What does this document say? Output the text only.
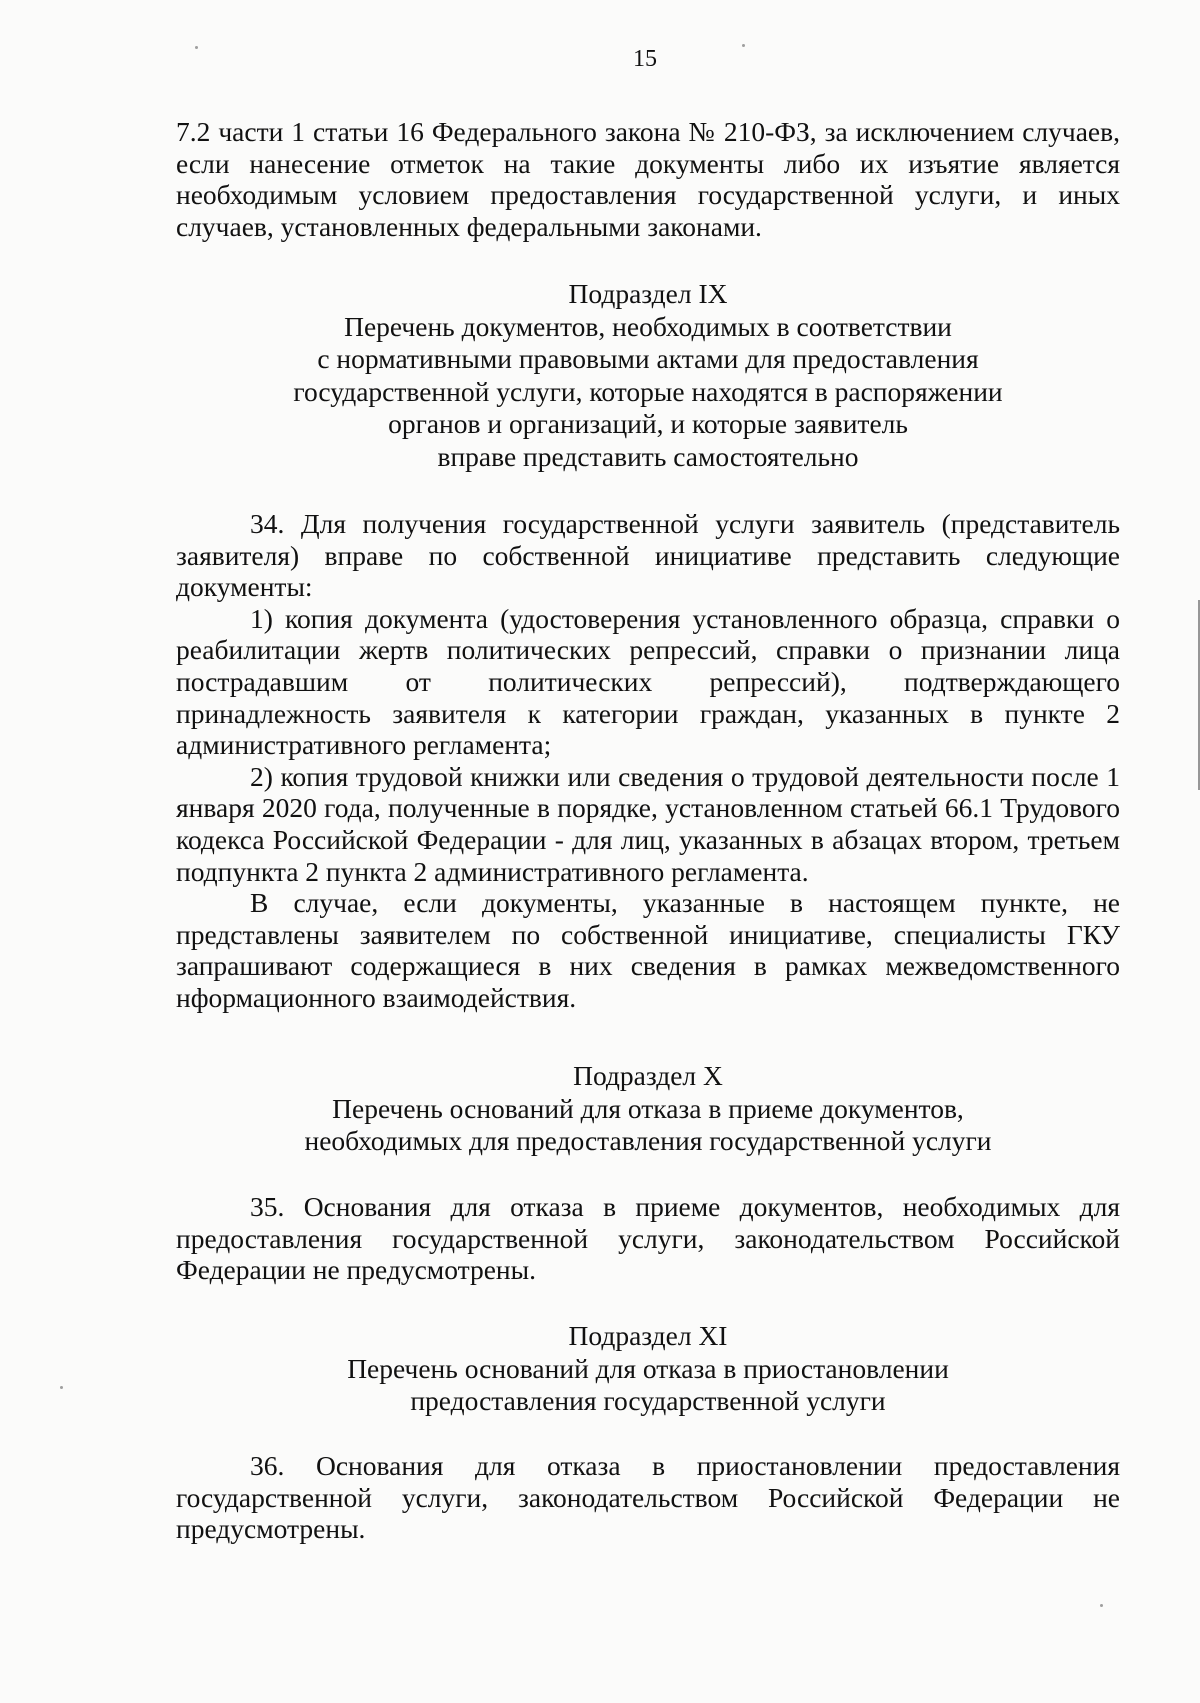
15

7.2 части 1 статьи 16 Федерального закона № 210-ФЗ, за исключением случаев, если нанесение отметок на такие документы либо их изъятие является необходимым условием предоставления государственной услуги, и иных случаев, установленных федеральными законами.

Подраздел IX
Перечень документов, необходимых в соответствии
с нормативными правовыми актами для предоставления
государственной услуги, которые находятся в распоряжении
органов и организаций, и которые заявитель
вправе представить самостоятельно

34. Для получения государственной услуги заявитель (представитель заявителя) вправе по собственной инициативе представить следующие документы:

1) копия документа (удостоверения установленного образца, справки о реабилитации жертв политических репрессий, справки о признании лица пострадавшим от политических репрессий), подтверждающего принадлежность заявителя к категории граждан, указанных в пункте 2 административного регламента;

2) копия трудовой книжки или сведения о трудовой деятельности после 1 января 2020 года, полученные в порядке, установленном статьей 66.1 Трудового кодекса Российской Федерации - для лиц, указанных в абзацах втором, третьем подпункта 2 пункта 2 административного регламента.

В случае, если документы, указанные в настоящем пункте, не представлены заявителем по собственной инициативе, специалисты ГКУ запрашивают содержащиеся в них сведения в рамках межведомственного нформационного взаимодействия.

Подраздел X
Перечень оснований для отказа в приеме документов,
необходимых для предоставления государственной услуги

35. Основания для отказа в приеме документов, необходимых для предоставления государственной услуги, законодательством Российской Федерации не предусмотрены.

Подраздел XI
Перечень оснований для отказа в приостановлении
предоставления государственной услуги

36. Основания для отказа в приостановлении предоставления государственной услуги, законодательством Российской Федерации не предусмотрены.
